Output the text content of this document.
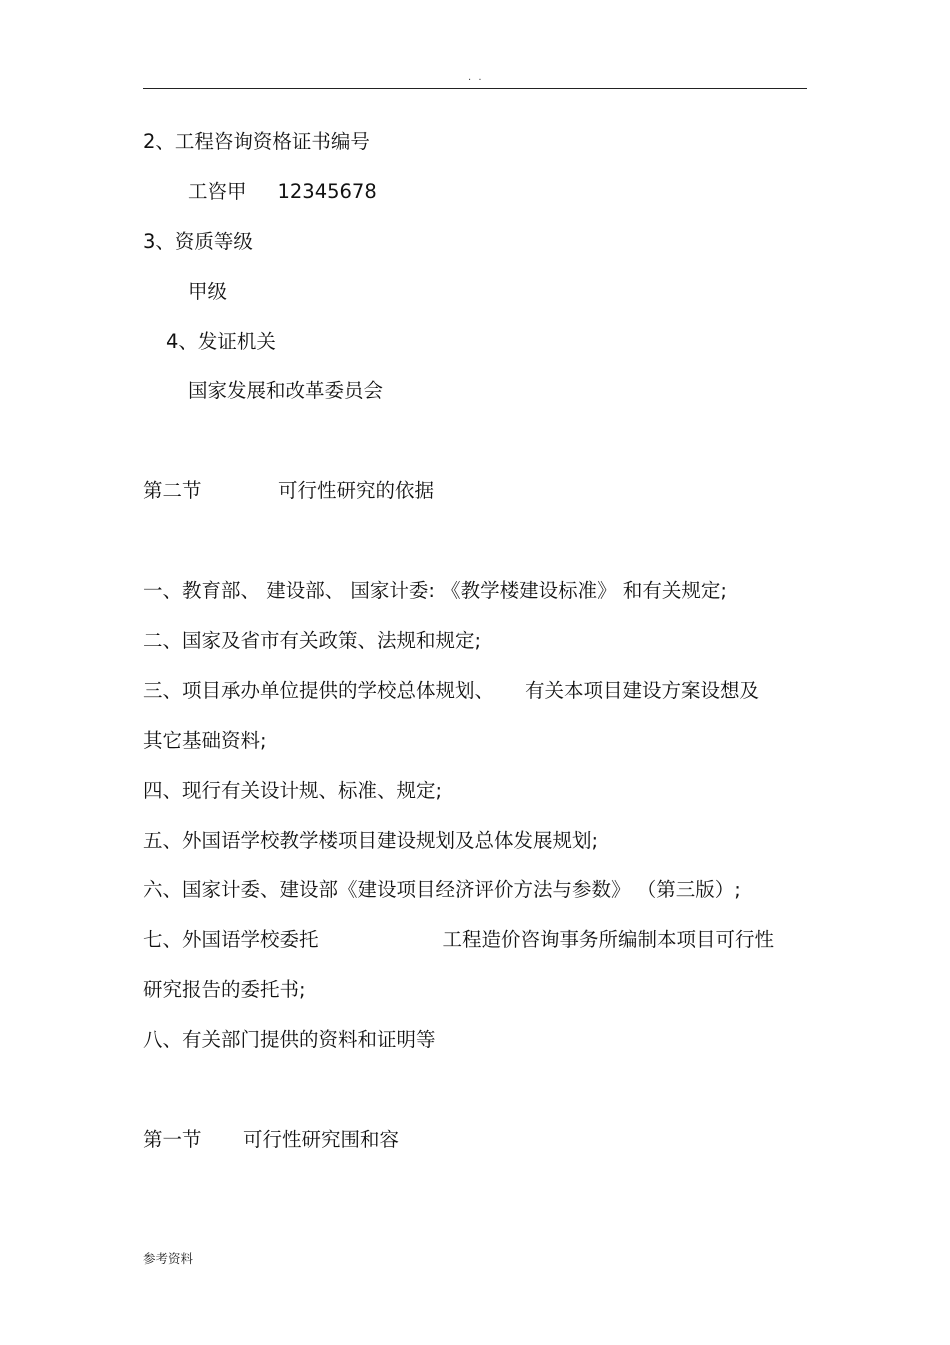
. .
2、工程咨询资格证书编号
工咨甲     12345678
3、资质等级
甲级
4、发证机关
国家发展和改革委员会
第二节	可行性研究的依据
一、教育部、 建设部、 国家计委: 《教学楼建设标准》 和有关规定;
二、国家及省市有关政策、法规和规定;
三、项目承办单位提供的学校总体规划、     有关本项目建设方案设想及
其它基础资料;
四、现行有关设计规、标准、规定;
五、外国语学校教学楼项目建设规划及总体发展规划;
六、国家计委、建设部《建设项目经济评价方法与参数》 （第三版）;
七、外国语学校委托                    工程造价咨询事务所编制本项目可行性
研究报告的委托书;
八、有关部门提供的资料和证明等
第一节 可行性研究围和容
参考资料
